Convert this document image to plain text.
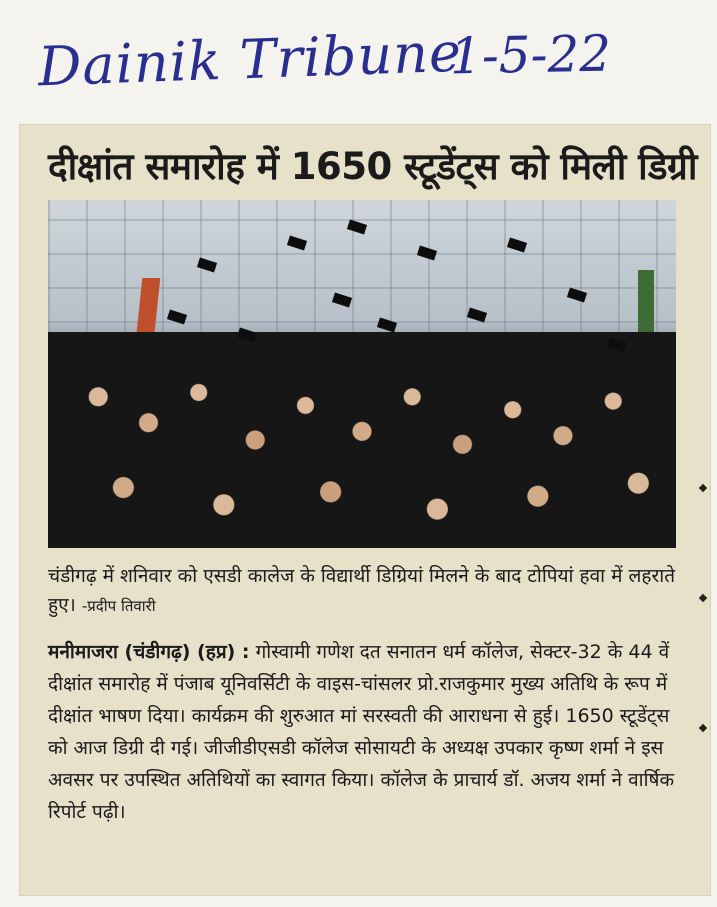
Dainik Tribune
1-5-22
दीक्षांत समारोह में 1650 स्टूडेंट्स को मिली डिग्री
चंडीगढ़ में शनिवार को एसडी कालेज के विद्यार्थी डिग्रियां मिलने के बाद टोपियां हवा में लहराते हुए। -प्रदीप तिवारी
मनीमाजरा (चंडीगढ़) (हप्र) : गोस्वामी गणेश दत सनातन धर्म कॉलेज, सेक्टर-32 के 44 वें दीक्षांत समारोह में पंजाब यूनिवर्सिटी के वाइस-चांसलर प्रो.राजकुमार मुख्य अतिथि के रूप में दीक्षांत भाषण दिया। कार्यक्रम की शुरुआत मां सरस्वती की आराधना से हुई। 1650 स्टूडेंट्स को आज डिग्री दी गई। जीजीडीएसडी कॉलेज सोसायटी के अध्यक्ष उपकार कृष्ण शर्मा ने इस अवसर पर उपस्थित अतिथियों का स्वागत किया। कॉलेज के प्राचार्य डॉ. अजय शर्मा ने वार्षिक रिपोर्ट पढ़ी।
